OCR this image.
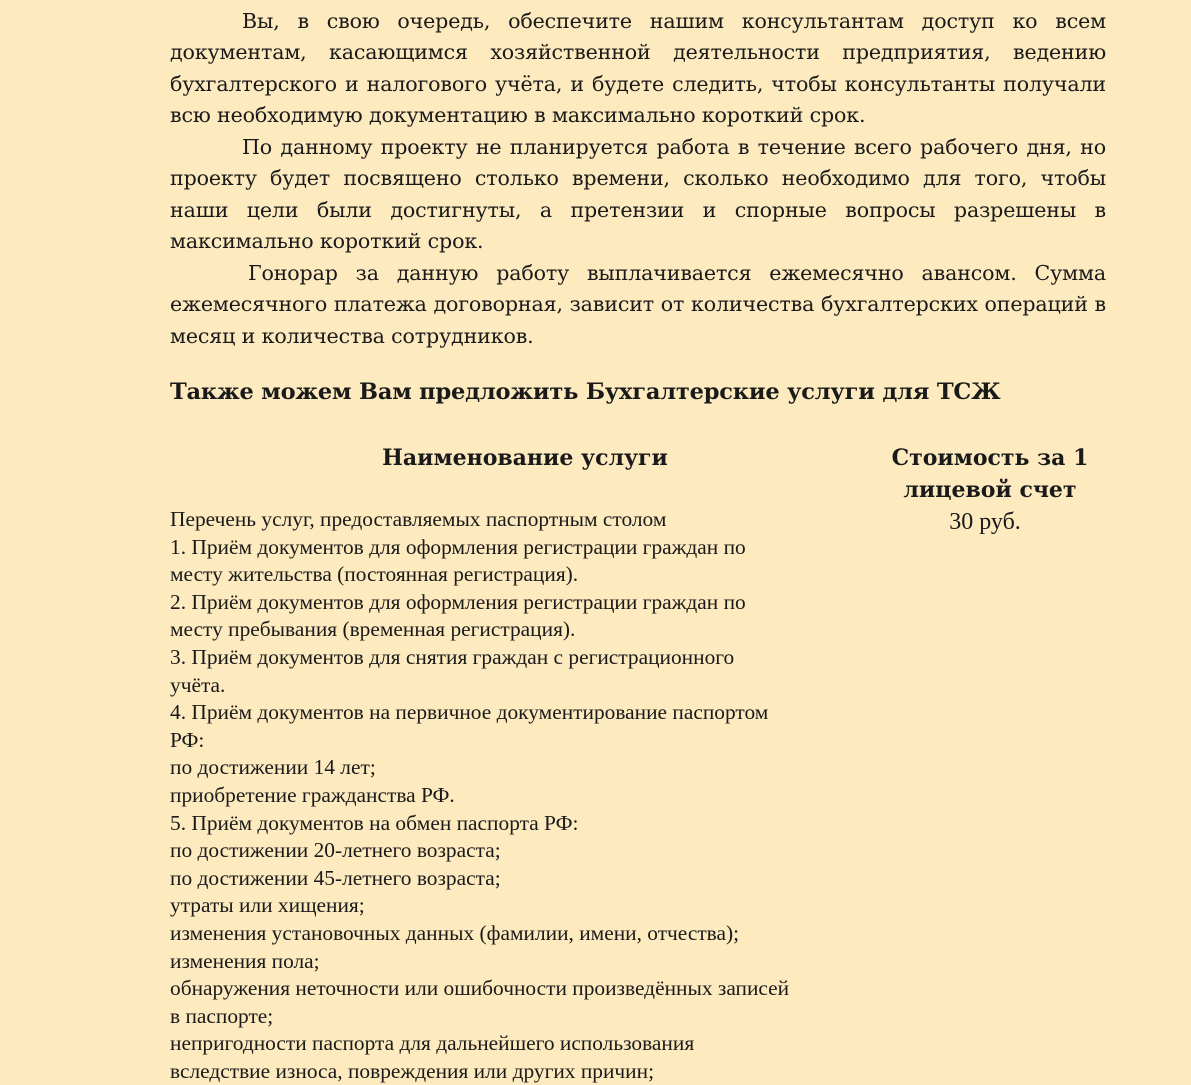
Вы, в свою очередь, обеспечите нашим консультантам доступ ко всем документам, касающимся хозяйственной деятельности предприятия, ведению бухгалтерского и налогового учёта, и будете следить, чтобы консультанты получали всю необходимую документацию в максимально короткий срок.
По данному проекту не планируется работа в течение всего рабочего дня, но проекту будет посвящено столько времени, сколько необходимо для того, чтобы наши цели были достигнуты, а претензии и спорные вопросы разрешены в максимально короткий срок.
Гонорар за данную работу выплачивается ежемесячно авансом. Сумма ежемесячного платежа договорная, зависит от количества бухгалтерских операций в месяц и количества сотрудников.
Также можем Вам предложить Бухгалтерские услуги для ТСЖ
Наименование услуги	Стоимость за 1 лицевой счет
Перечень услуг, предоставляемых паспортным столом
1. Приём документов для оформления регистрации граждан по
месту жительства (постоянная регистрация).
2. Приём документов для оформления регистрации граждан по
месту пребывания (временная регистрация).
3. Приём документов для снятия граждан с регистрационного
учёта.
4. Приём документов на первичное документирование паспортом
РФ:
по достижении 14 лет;
приобретение гражданства РФ.
5. Приём документов на обмен паспорта РФ:
по достижении 20-летнего возраста;
по достижении 45-летнего возраста;
утраты или хищения;
изменения установочных данных (фамилии, имени, отчества);
изменения пола;
обнаружения неточности или ошибочности произведённых записей
в паспорте;
непригодности паспорта для дальнейшего использования
вследствие износа, повреждения или других причин;
30 руб.
